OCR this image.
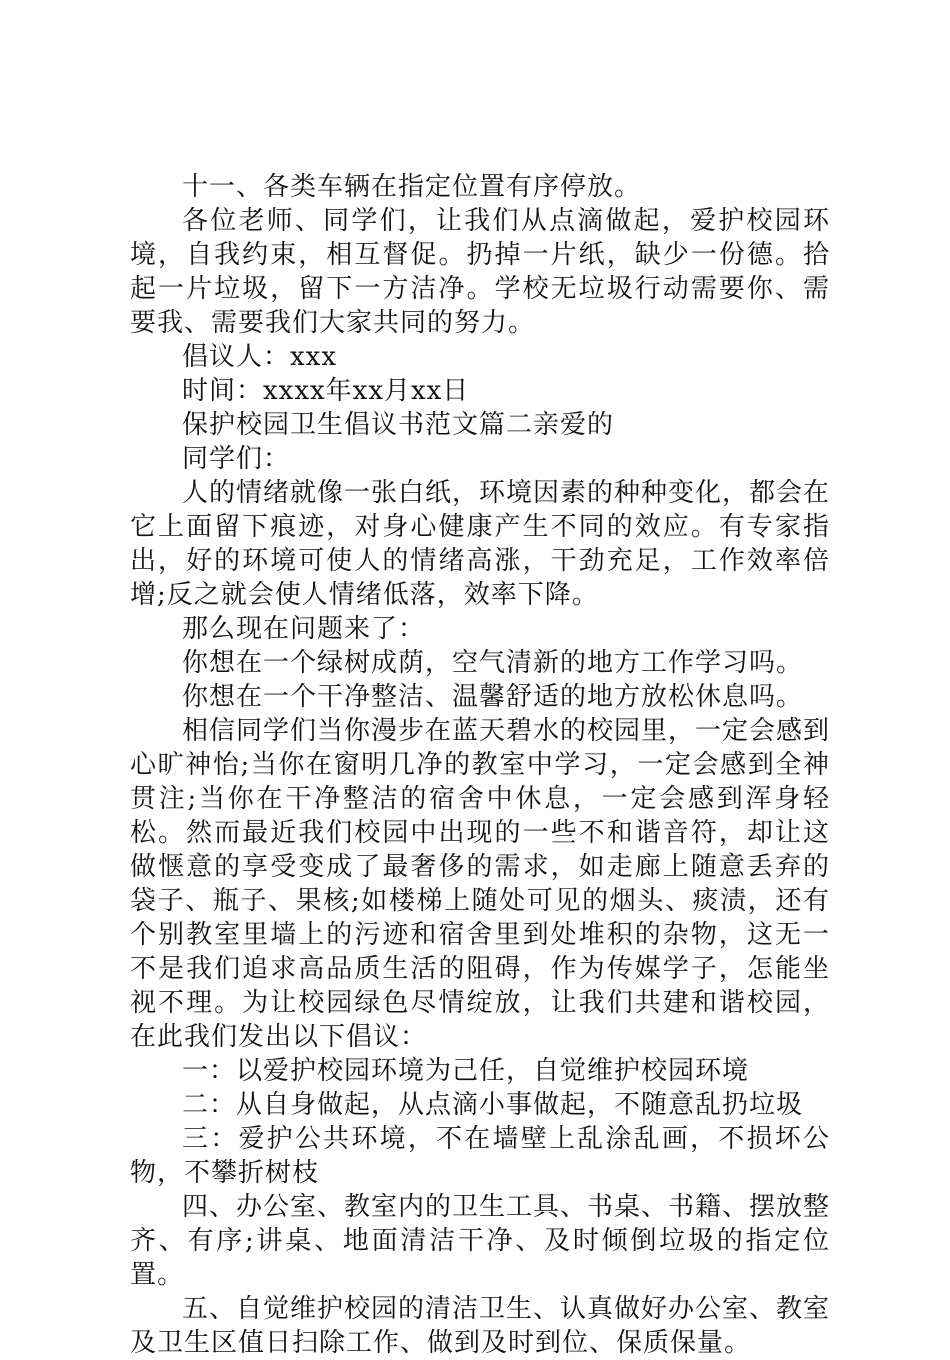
十一、各类车辆在指定位置有序停放。

各位老师、同学们，让我们从点滴做起，爱护校园环境，自我约束，相互督促。扔掉一片纸，缺少一份德。拾起一片垃圾，留下一方洁净。学校无垃圾行动需要你、需要我、需要我们大家共同的努力。

倡议人：xxx

时间：xxxx年xx月xx日

保护校园卫生倡议书范文篇二亲爱的

同学们：

人的情绪就像一张白纸，环境因素的种种变化，都会在它上面留下痕迹，对身心健康产生不同的效应。有专家指出，好的环境可使人的情绪高涨，干劲充足，工作效率倍增;反之就会使人情绪低落，效率下降。

那么现在问题来了：

你想在一个绿树成荫，空气清新的地方工作学习吗。

你想在一个干净整洁、温馨舒适的地方放松休息吗。

相信同学们当你漫步在蓝天碧水的校园里，一定会感到心旷神怡;当你在窗明几净的教室中学习，一定会感到全神贯注;当你在干净整洁的宿舍中休息，一定会感到浑身轻松。然而最近我们校园中出现的一些不和谐音符，却让这做惬意的享受变成了最奢侈的需求，如走廊上随意丢弃的袋子、瓶子、果核;如楼梯上随处可见的烟头、痰渍，还有个别教室里墙上的污迹和宿舍里到处堆积的杂物，这无一不是我们追求高品质生活的阻碍，作为传媒学子，怎能坐视不理。为让校园绿色尽情绽放，让我们共建和谐校园，在此我们发出以下倡议：

一：以爱护校园环境为己任，自觉维护校园环境

二：从自身做起，从点滴小事做起，不随意乱扔垃圾

三：爱护公共环境，不在墙壁上乱涂乱画，不损坏公物，不攀折树枝

四、办公室、教室内的卫生工具、书桌、书籍、摆放整齐、有序;讲桌、地面清洁干净、及时倾倒垃圾的指定位置。

五、自觉维护校园的清洁卫生、认真做好办公室、教室及卫生区值日扫除工作、做到及时到位、保质保量。
